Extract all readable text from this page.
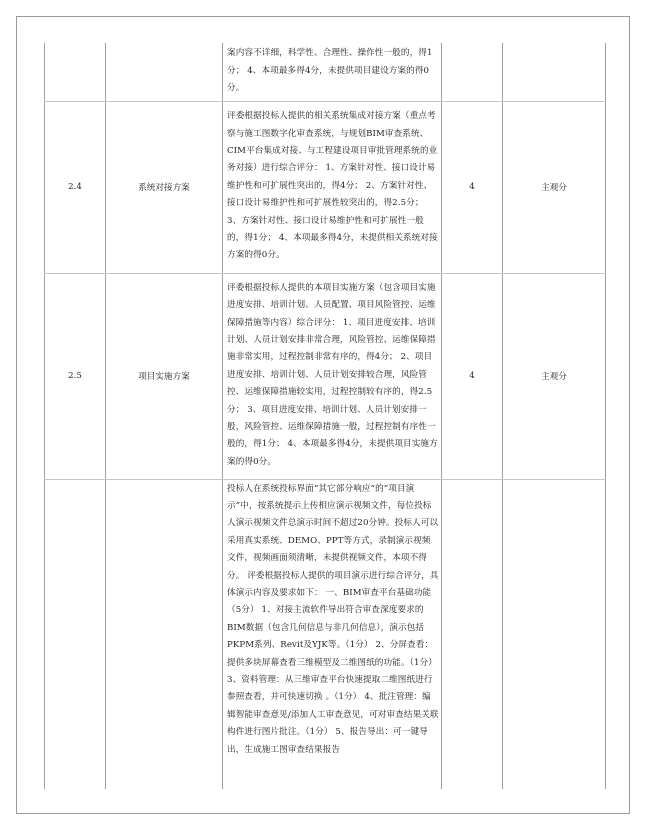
		案内容不详细，科学性、合理性、操作性一般的，得1分； 4、本项最多得4分，未提供项目建设方案的得0分。		
2.4	系统对接方案	评委根据投标人提供的相关系统集成对接方案（重点考察与施工图数字化审查系统，与规划BIM审查系统、CIM平台集成对接、与工程建设项目审批管理系统的业务对接）进行综合评分： 1、方案针对性、接口设计易维护性和可扩展性突出的，得4分； 2、方案针对性、接口设计易维护性和可扩展性较突出的，得2.5分； 3、方案针对性、接口设计易维护性和可扩展性一般的，得1分； 4、本项最多得4分，未提供相关系统对接方案的得0分。	4	主观分
2.5	项目实施方案	评委根据投标人提供的本项目实施方案（包含项目实施进度安排、培训计划、人员配置、项目风险管控、运维保障措施等内容）综合评分： 1、项目进度安排、培训计划、人员计划安排非常合理，风险管控、运维保障措施非常实用，过程控制非常有序的，得4分； 2、项目进度安排、培训计划、人员计划安排较合理，风险管控、运维保障措施较实用，过程控制较有序的，得2.5分； 3、项目进度安排、培训计划、人员计划安排一般，风险管控、运维保障措施一般，过程控制有序性一般的，得1分； 4、本项最多得4分，未提供项目实施方案的得0分。	4	主观分
		投标人在系统投标界面“其它部分响应”的“项目演示”中，按系统提示上传相应演示视频文件，每位投标人演示视频文件总演示时间不超过20分钟。投标人可以采用真实系统、DEMO、PPT等方式，录制演示视频文件，视频画面须清晰，未提供视频文件，本项不得分。 评委根据投标人提供的项目演示进行综合评分，具体演示内容及要求如下： 一、BIM审查平台基础功能（5分） 1、对接主流软件导出符合审查深度要求的BIM数据（包含几何信息与非几何信息），演示包括PKPM系列、Revit及YJK等。（1分） 2、分屏查看：提供多块屏幕查看三维模型及二维图纸的功能。（1分） 3、资料管理：从三维审查平台快速提取二维图纸进行参照查看，并可快速切换 。（1分） 4、批注管理：编辑智能审查意见/添加人工审查意见，可对审查结果关联构件进行图片批注。（1分） 5、报告导出：可一键导出，生成施工图审查结果报告		
